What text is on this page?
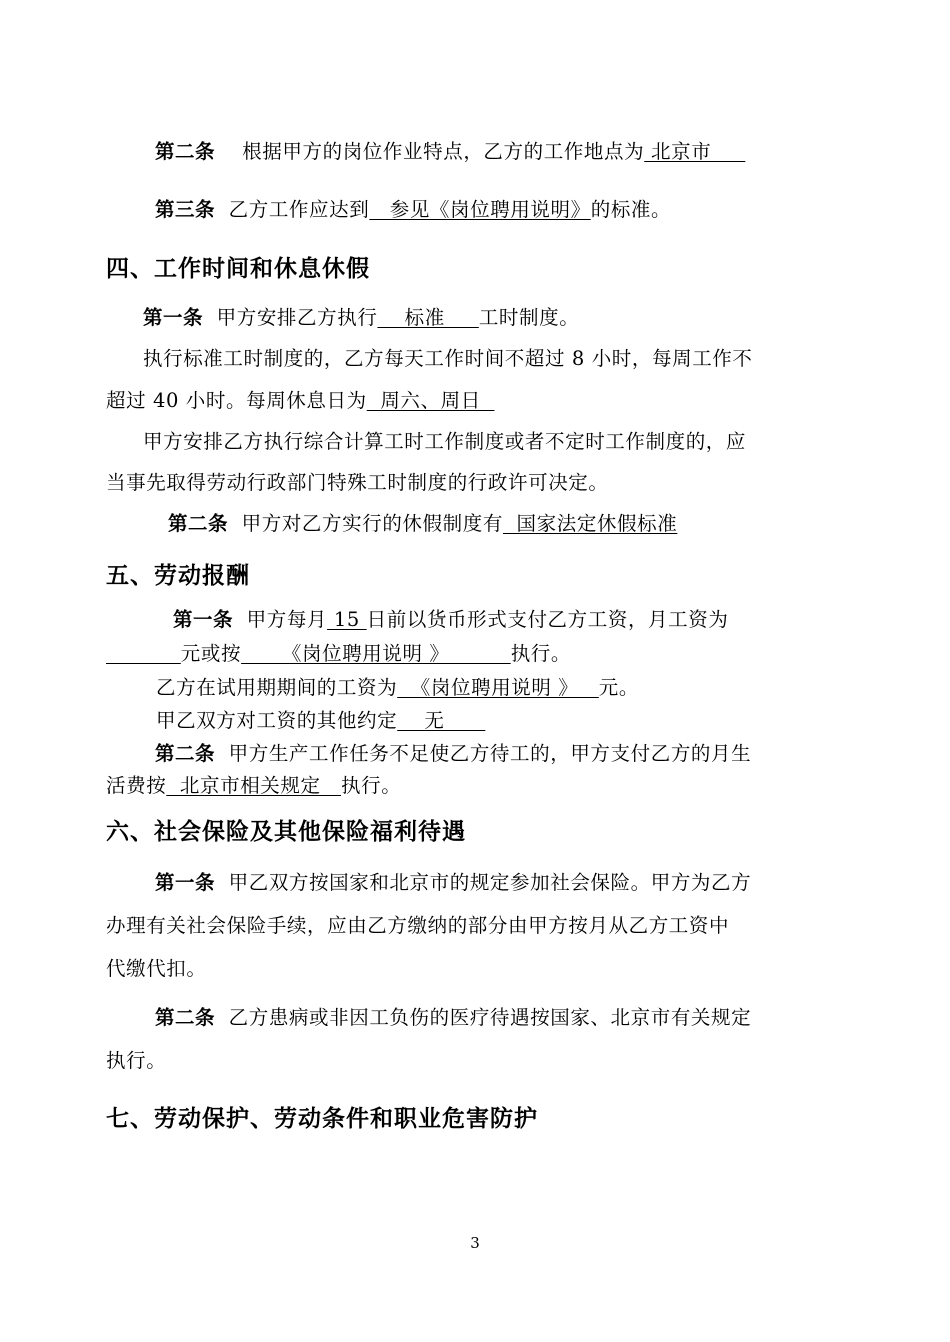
第二条 根据甲方的岗位作业特点，乙方的工作地点为 北京市
第三条 乙方工作应达到   参见《岗位聘用说明》的标准。
四、工作时间和休息休假
第一条 甲方安排乙方执行    标准     工时制度。
执行标准工时制度的，乙方每天工作时间不超过 8 小时，每周工作不
超过 40 小时。每周休息日为  周六、周日
甲方安排乙方执行综合计算工时工作制度或者不定时工作制度的，应
当事先取得劳动行政部门特殊工时制度的行政许可决定。
第二条 甲方对乙方实行的休假制度有  国家法定休假标准
五、劳动报酬
第一条 甲方每月 15 日前以货币形式支付乙方工资，月工资为
元或按      《岗位聘用说明 》         执行。
乙方在试用期期间的工资为  《岗位聘用说明 》   元。
甲乙双方对工资的其他约定    无
第二条 甲方生产工作任务不足使乙方待工的，甲方支付乙方的月生
活费按  北京市相关规定   执行。
六、社会保险及其他保险福利待遇
第一条 甲乙双方按国家和北京市的规定参加社会保险。甲方为乙方
办理有关社会保险手续，应由乙方缴纳的部分由甲方按月从乙方工资中
代缴代扣。
第二条 乙方患病或非因工负伤的医疗待遇按国家、北京市有关规定
执行。
七、劳动保护、劳动条件和职业危害防护
3
